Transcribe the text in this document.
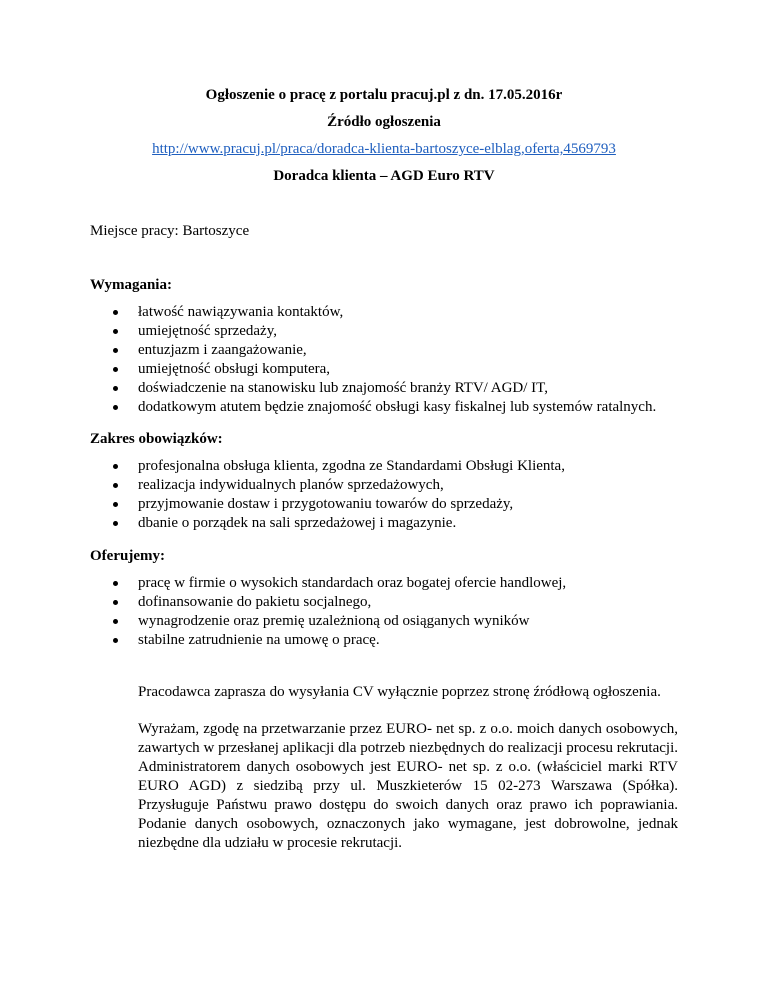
Ogłoszenie o pracę z portalu pracuj.pl z dn. 17.05.2016r
Źródło ogłoszenia
http://www.pracuj.pl/praca/doradca-klienta-bartoszyce-elblag,oferta,4569793
Doradca klienta – AGD Euro RTV
Miejsce pracy: Bartoszyce
Wymagania:
łatwość nawiązywania kontaktów,
umiejętność sprzedaży,
entuzjazm i zaangażowanie,
umiejętność obsługi komputera,
doświadczenie na stanowisku lub znajomość branży RTV/ AGD/ IT,
dodatkowym atutem będzie znajomość obsługi kasy fiskalnej lub systemów ratalnych.
Zakres obowiązków:
profesjonalna obsługa klienta, zgodna ze Standardami Obsługi Klienta,
realizacja indywidualnych planów sprzedażowych,
przyjmowanie dostaw i przygotowaniu towarów do sprzedaży,
dbanie o porządek na sali sprzedażowej i magazynie.
Oferujemy:
pracę w firmie o wysokich standardach oraz bogatej ofercie handlowej,
dofinansowanie do pakietu socjalnego,
wynagrodzenie oraz premię uzależnioną od osiąganych wyników
stabilne zatrudnienie na umowę o pracę.
Pracodawca zaprasza do wysyłania CV wyłącznie poprzez stronę źródłową ogłoszenia.
Wyrażam, zgodę na przetwarzanie przez EURO- net sp. z o.o. moich danych osobowych, zawartych w przesłanej aplikacji dla potrzeb niezbędnych do realizacji procesu rekrutacji. Administratorem danych osobowych jest EURO- net sp. z o.o. (właściciel marki RTV EURO AGD) z siedzibą przy ul. Muszkieterów 15 02-273 Warszawa (Spółka). Przysługuje Państwu prawo dostępu do swoich danych oraz prawo ich poprawiania. Podanie danych osobowych, oznaczonych jako wymagane, jest dobrowolne, jednak niezbędne dla udziału w procesie rekrutacji.
